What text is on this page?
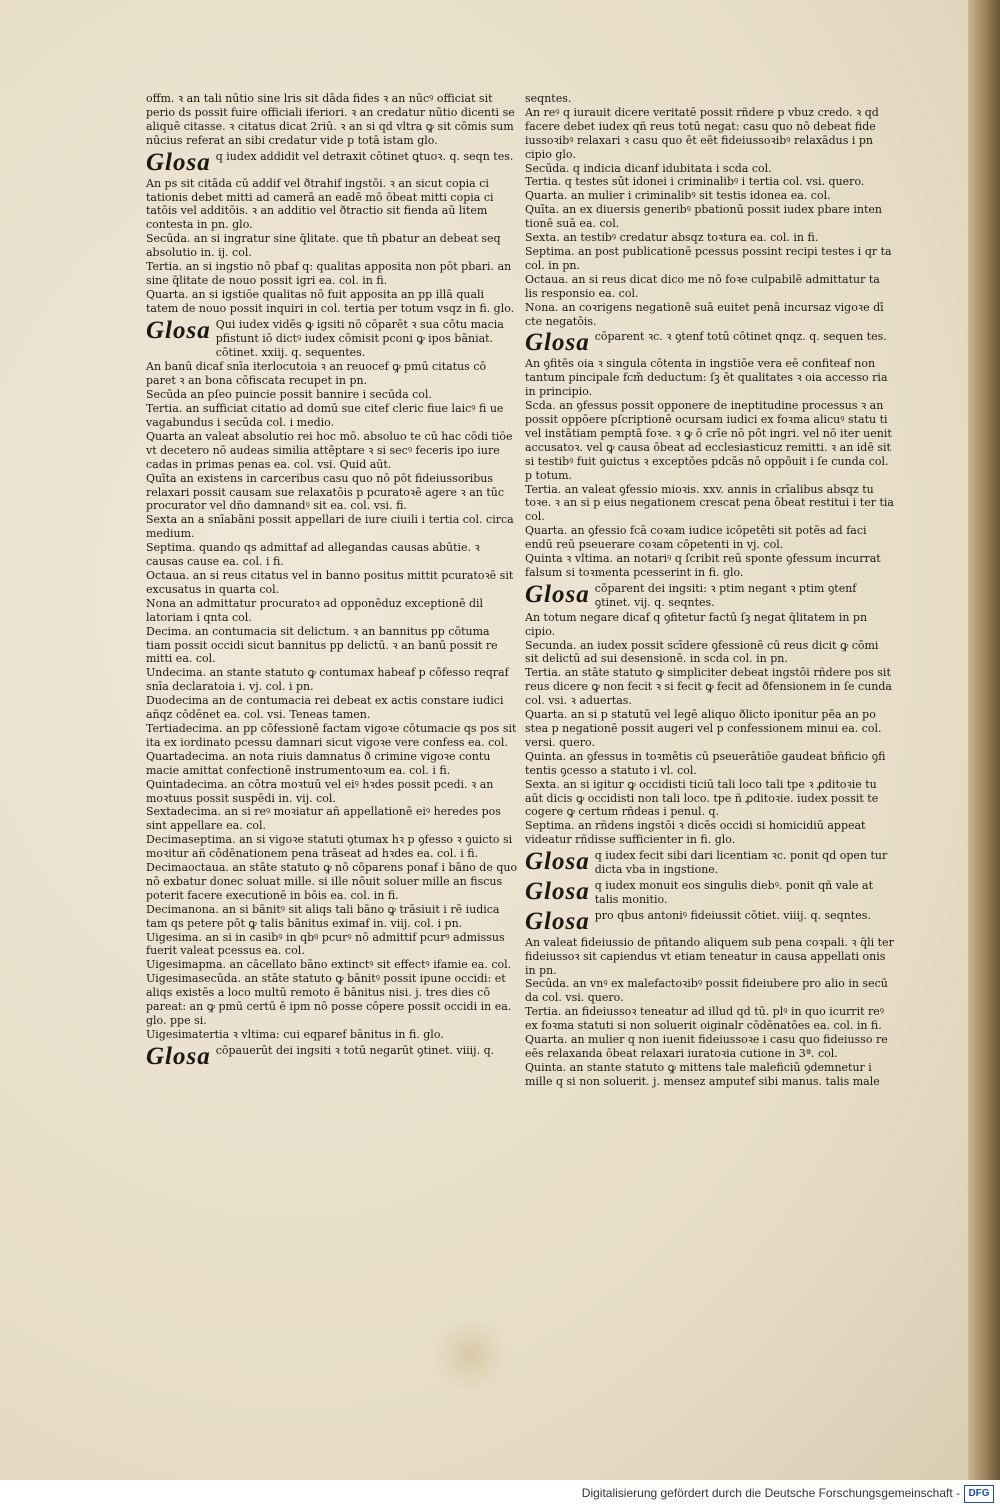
offm. ꝛ an tali nūtio sine lris sit dāda fides ꝛ an nūcꝰ officiat sit perio ds possit fuire officiali iferiori. ꝛ an credatur nūtio dicenti se aliquē citasse. ꝛ citatus dicat 2riū. ꝛ an si qd vltra ꝙ sit cōmis sum nūcius referat an sibi credatur vide p totā istam glo.

Glosa q iudex addidit vel detraxit cōtinet ꝗtuoꝛ. q. seqn tes.

An ps sit citāda cū addif vel ðtrahif ingstōi. ꝛ an sicut copia ci tationis debet mitti ad camerā an eadē mō ōbeat mitti copia ci tatōis vel additōis. ꝛ an additio vel ðtractio sit fienda aū litem contesta in pn. glo.

Secūda. an si ingratur sine q̄litate. que tn̄ pbatur an debeat seq absolutio in. ij. col.

Tertia. an si ingstio nō pbaf q: qualitas apposita non pōt pbari. an sine q̄litate de nouo possit igri ea. col. in fi.

Quarta. an si igstiōe qualitas nō fuit apposita an pp illā quali tatem de nouo possit inquiri in col. tertia per totum vsqz in fi. glo.

Glosa Qui iudex vidēs ꝙ igsiti nō cōparēt ꝛ sua cōtu macia pfistunt iō dictꝰ iudex cōmisit pconi ꝙ ipos bāniat. cōtinet. xxiij. q. sequentes.

An banū dicaf snīa iterlocutoia ꝛ an reuocef ꝙ pmū citatus cō paret ꝛ an bona cōfiscata recupet in pn.

Secūda an pſeo puincie possit bannire i secūda col.

Tertia. an sufficiat citatio ad domū sue citef cleric fiue laicꝰ fi ue vagabundus i secūda col. i medio.

Quarta an valeat absolutio rei hoc mō. absoluo te cū hac cōdi tiōe vt decetero nō audeas similia attēptare ꝛ si secꝰ feceris ipo iure cadas in primas penas ea. col. vsi. Quid aūt.

Quīta an existens in carceribus casu quo nō pōt fideiussoribus relaxari possit causam sue relaxatōis p pcuratoꝛē agere ꝛ an tūc procurator vel dn̄o damnandꝰ sit ea. col. vsi. fi.

Sexta an a snīabāni possit appellari de iure ciuili i tertia col. circa medium.

Septima. quando qs admittaf ad allegandas causas abūtie. ꝛ causas cause ea. col. i fi.

Octaua. an si reus citatus vel in banno positus mittit pcuratoꝛē sit excusatus in quarta col.

Nona an admittatur procuratoꝛ ad opponēduz exceptionē dil latoriam i qnta col.

Decima. an contumacia sit delictum. ꝛ an bannitus pp cōtuma tiam possit occidi sicut bannitus pp delictū. ꝛ an banū possit re mitti ea. col.

Undecima. an stante statuto ꝙ contumax habeaf p cōfesso reqraf snīa declaratoia i. vj. col. i pn.

Duodecima an de contumacia rei debeat ex actis constare iudici añqz cōdēnet ea. col. vsi. Teneas tamen.

Tertiadecima. an pp cōfessionē factam vigoꝛe cōtumacie qs pos sit ita ex iordinato pcessu damnari sicut vigoꝛe vere confess ea. col.

Quartadecima. an nota riuis damnatus ð crimine vigoꝛe contu macie amittat confectionē instrumentoꝛum ea. col. i fi.

Quintadecima. an cōtra moꝛtuū vel eiꝰ hꝛdes possit pcedi. ꝛ an moꝛtuus possit suspēdi in. vij. col.

Sextadecima. an si reꝰ moꝛiatur añ appellationē eiꝰ heredes pos sint appellare ea. col.

Decimaseptima. an si vigoꝛe statuti ꝯtumax hꝛ p ꝯfesso ꝛ ꝯuicto si moꝛitur añ cōdēnationem pena trāseat ad hꝛdes ea. col. i fi.

Decimaoctaua. an stāte statuto ꝙ nō cōparens ponaf i bāno de quo nō exbatur donec soluat mille. si ille nōuit soluer mille an fiscus poterit facere executionē in bōis ea. col. in fi.

Decimanona. an si bānitꝰ sit aliqs tali bāno ꝙ trāsiuit i rē iudica tam qs petere pōt ꝙ talis bānitus eximaf in. viij. col. i pn.

Uigesima. an si in casibꝰ in qbꝰ pcurꝰ nō admittif pcurꝰ admissus fuerit valeat pcessus ea. col.

Uigesimapma. an cācellato bāno extinctꝰ sit effectꝰ ifamie ea. col.

Uigesimasecūda. an stāte statuto ꝙ bānitꝰ possit ipune occidi: et aliqs existēs a loco multū remoto ē bānitus nisi. j. tres dies cō pareat: an ꝙ pmū certū ē ipm nō posse cōpere possit occidi in ea. glo. ppe si.

Uigesimatertia ꝛ vltima: cui eqparef bānitus in fi. glo.

Glosa cōpauerūt dei ingsiti ꝛ totū negarūt ꝯtinet. viiij. q.

seqntes.

An reꝰ q iurauit dicere veritatē possit rñdere p vbuz credo. ꝛ qd facere debet iudex qñ reus totū negat: casu quo nō debeat fide iussoꝛibꝰ relaxari ꝛ casu quo ēt eēt fideiussoꝛibꝰ relaxādus i pn cipio glo.

Secūda. q indicia dicanf idubitata i scda col.

Tertia. q testes sūt idonei i criminalibꝰ i tertia col. vsi. quero.

Quarta. an mulier i criminalibꝰ sit testis idonea ea. col.

Quīta. an ex diuersis generibꝰ pbationū possit iudex pbare inten tionē suā ea. col.

Sexta. an testibꝰ credatur absqz toꝛtura ea. col. in fi.

Septima. an post publicationē pcessus possint recipi testes i qr ta col. in pn.

Octaua. an si reus dicat dico me nō foꝛe culpabilē admittatur ta lis responsio ea. col.

Nona. an coꝛrigens negationē suā euitet penā incursaz vigoꝛe dī cte negatōis.

Glosa cōparent ꝛc. ꝛ ꝯtenf totū cōtinet qnqz. q. sequen tes.

An ꝯfitēs oia ꝛ singula cōtenta in ingstiōe vera eē confiteaf non tantum pincipale fcm̄ deductum: ſꝫ ēt qualitates ꝛ oia accesso ria in principio.

Scda. an ꝯfessus possit opponere de ineptitudine processus ꝛ an possit oppōere pſcriptionē ocursam iudici ex foꝛma alicuꝰ statu ti vel instātiam pemptā foꝛe. ꝛ ꝙ ō crīe nō pōt ingri. vel nō iter uenit accusatoꝛ. vel ꝙ causa ōbeat ad ecclesiasticuz remitti. ꝛ an idē sit si testibꝰ fuit ꝯuictus ꝛ exceptōes pdcās nō oppōuit i ſe cunda col. p totum.

Tertia. an valeat ꝯfessio mioꝛis. xxv. annis in crīalibus absqz tu toꝛe. ꝛ an si p eius negationem crescat pena ōbeat restitui i ter tia col.

Quarta. an ꝯfessio fcā coꝛam iudice icōpetēti sit potēs ad faci endū reū pseuerare coꝛam cōpetenti in vj. col.

Quinta ꝛ vltima. an notariꝰ q ſcribit reū sponte ꝯfessum incurrat falsum si toꝛmenta pcesserint in fi. glo.

Glosa cōparent dei ingsiti: ꝛ ptim negant ꝛ ptim ꝯtenf ꝯtinet. vij. q. seqntes.

An totum negare dicaf q ꝯfitetur factū ſꝫ negat q̄litatem in pn cipio.

Secunda. an iudex possit scīdere ꝯfessionē cū reus dicit ꝙ cōmi sit delictū ad sui desensionē. in scda col. in pn.

Tertia. an stāte statuto ꝙ simpliciter debeat ingstōi rñdere pos sit reus dicere ꝙ non fecit ꝛ si fecit ꝙ fecit ad ðfensionem in ſe cunda col. vsi. ꝛ aduertas.

Quarta. an si p statutū vel legē aliquo ðlicto iponitur pēa an po stea p negationē possit augeri vel p confessionem minui ea. col. versi. quero.

Quinta. an ꝯfessus in toꝛmētis cū pseuerātiōe gaudeat bñficio ꝯfi tentis ꝯcesso a statuto i vl. col.

Sexta. an si igitur ꝙ occidisti ticiū tali loco tali tpe ꝛ ꝓditoꝛie tu aūt dicis ꝙ occidisti non tali loco. tpe ñ ꝓditoꝛie. iudex possit te cogere ꝙ certum rñdeas i penul. q.

Septima. an rñdens ingstōi ꝛ dicēs occidi si homicidiū appeat videatur rñdisse sufficienter in fi. glo.

Glosa q iudex fecit sibi dari licentiam ꝛc. ponit qd open tur dicta vba in ingstione.
Glosa q iudex monuit eos singulis diebꝰ. ponit qñ vale at talis monitio.
Glosa pro qbus antoniꝰ fideiussit cōtiet. viiij. q. seqntes.

An valeat fideiussio de pñtando aliquem sub pena coꝛpali. ꝛ q̄li ter fideiussoꝛ sit capiendus vt etiam teneatur in causa appellati onis in pn.

Secūda. an vnꝰ ex malefactoꝛibꝰ possit fideiubere pro alio in secū da col. vsi. quero.

Tertia. an fideiussoꝛ teneatur ad illud qd tū. plꝰ in quo icurrit reꝰ ex foꝛma statuti si non soluerit oiginalr cōdēnatōes ea. col. in fi.

Quarta. an mulier q non iuenit fideiussoꝛe i casu quo fideiusso re eēs relaxanda ōbeat relaxari iuratoꝛia cutione in 3ª. col.

Quinta. an stante statuto ꝙ mittens tale maleficiū ꝯdemnetur i mille q si non soluerit. j. mensez amputef sibi manus. talis male

Digitalisierung gefördert durch die Deutsche Forschungsgemeinschaft - DFG
